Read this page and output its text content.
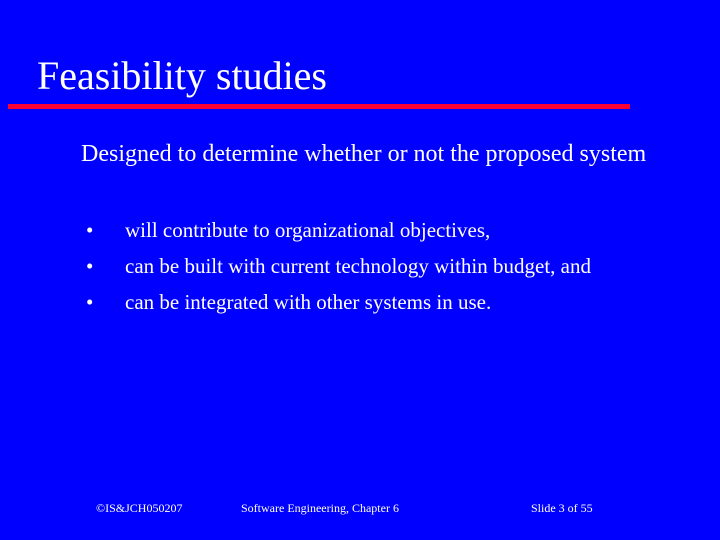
Feasibility studies
Designed to determine whether or not the proposed system
• will contribute to organizational objectives,
• can be built with current technology within budget, and
• can be integrated with other systems in use.
©IS&JCH050207	Software Engineering, Chapter 6	Slide 3 of 55
